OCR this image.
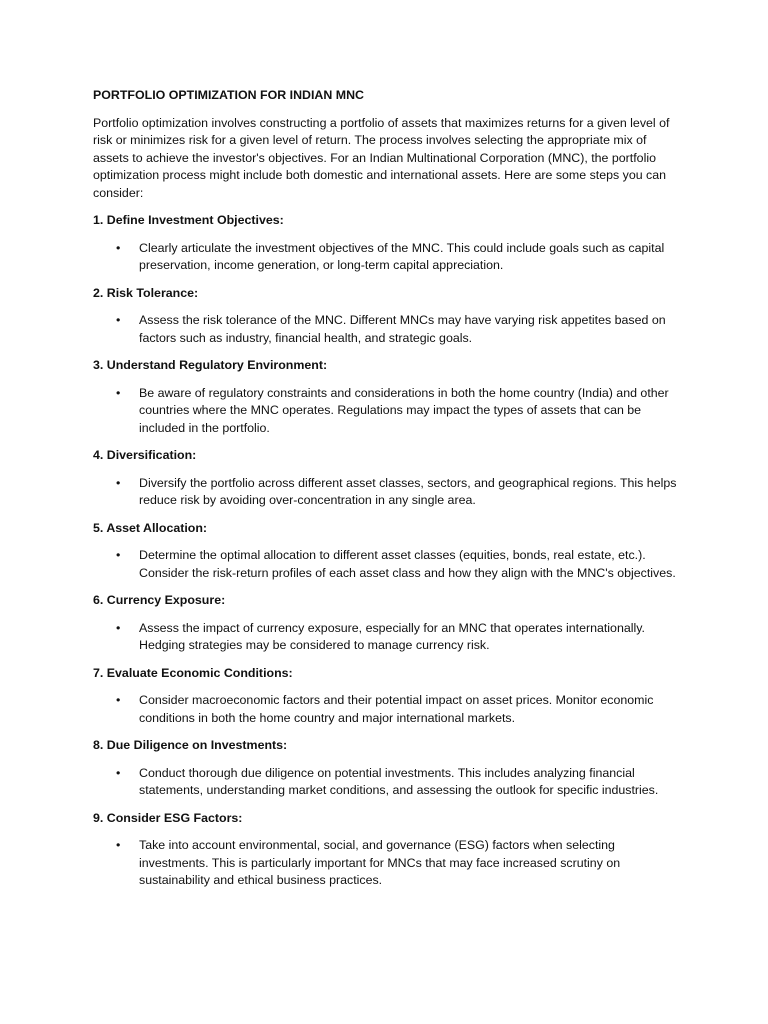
PORTFOLIO OPTIMIZATION FOR INDIAN MNC

Portfolio optimization involves constructing a portfolio of assets that maximizes returns for a given level of risk or minimizes risk for a given level of return. The process involves selecting the appropriate mix of assets to achieve the investor's objectives. For an Indian Multinational Corporation (MNC), the portfolio optimization process might include both domestic and international assets. Here are some steps you can consider:

1. Define Investment Objectives:
• Clearly articulate the investment objectives of the MNC. This could include goals such as capital preservation, income generation, or long-term capital appreciation.
2. Risk Tolerance:
• Assess the risk tolerance of the MNC. Different MNCs may have varying risk appetites based on factors such as industry, financial health, and strategic goals.
3. Understand Regulatory Environment:
• Be aware of regulatory constraints and considerations in both the home country (India) and other countries where the MNC operates. Regulations may impact the types of assets that can be included in the portfolio.
4. Diversification:
• Diversify the portfolio across different asset classes, sectors, and geographical regions. This helps reduce risk by avoiding over-concentration in any single area.
5. Asset Allocation:
• Determine the optimal allocation to different asset classes (equities, bonds, real estate, etc.). Consider the risk-return profiles of each asset class and how they align with the MNC's objectives.
6. Currency Exposure:
• Assess the impact of currency exposure, especially for an MNC that operates internationally. Hedging strategies may be considered to manage currency risk.
7. Evaluate Economic Conditions:
• Consider macroeconomic factors and their potential impact on asset prices. Monitor economic conditions in both the home country and major international markets.
8. Due Diligence on Investments:
• Conduct thorough due diligence on potential investments. This includes analyzing financial statements, understanding market conditions, and assessing the outlook for specific industries.
9. Consider ESG Factors:
• Take into account environmental, social, and governance (ESG) factors when selecting investments. This is particularly important for MNCs that may face increased scrutiny on sustainability and ethical business practices.
